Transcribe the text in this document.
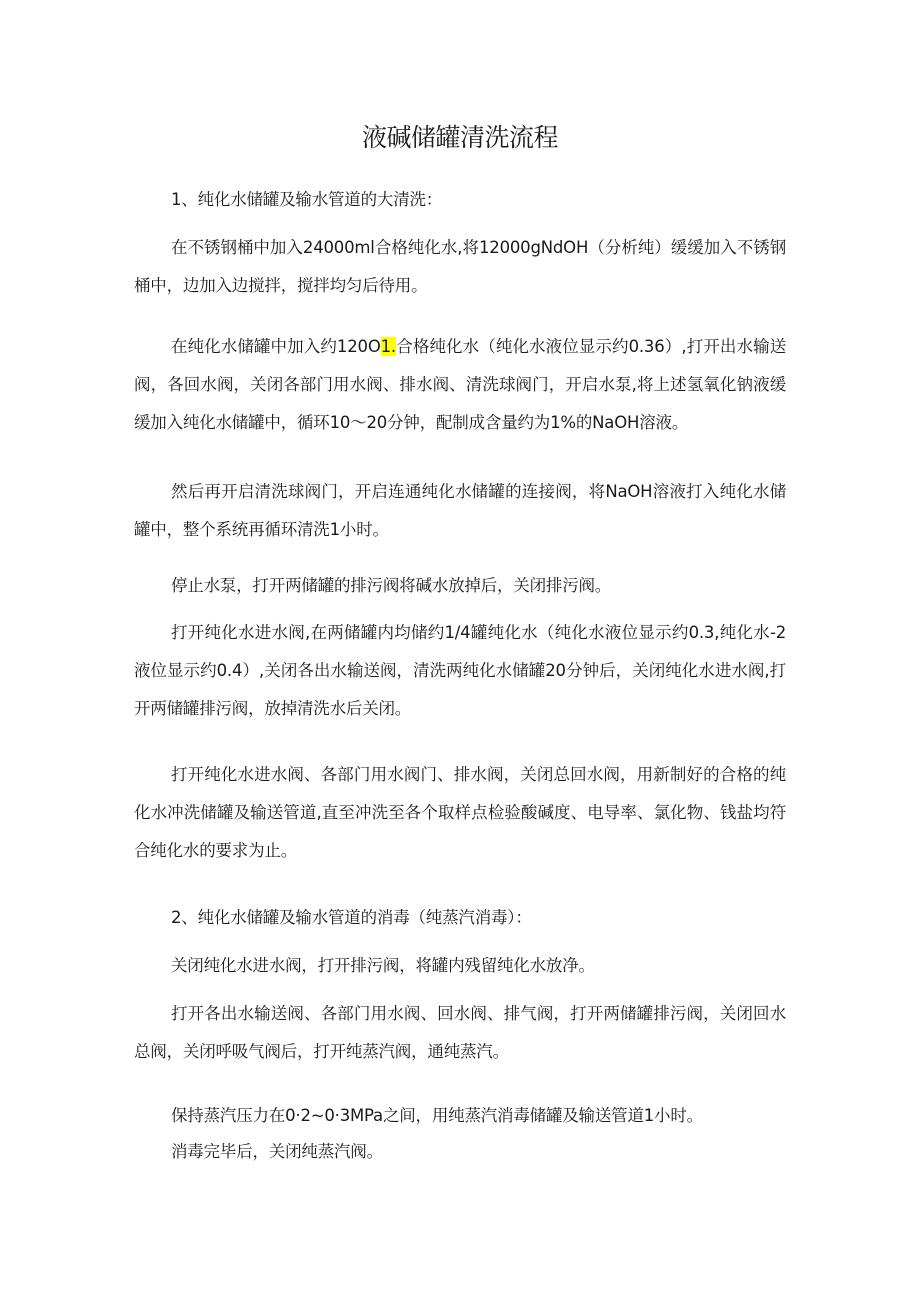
液碱储罐清洗流程

1、纯化水储罐及输水管道的大清洗：

在不锈钢桶中加入24000ml合格纯化水,将12000gNdOH（分析纯）缓缓加入不锈钢桶中，边加入边搅拌，搅拌均匀后待用。

在纯化水储罐中加入约120O1.合格纯化水（纯化水液位显示约0.36）,打开出水输送阀，各回水阀，关闭各部门用水阀、排水阀、清洗球阀门，开启水泵,将上述氢氧化钠液缓缓加入纯化水储罐中，循环10～20分钟，配制成含量约为1%的NaOH溶液。

然后再开启清洗球阀门，开启连通纯化水储罐的连接阀，将NaOH溶液打入纯化水储罐中，整个系统再循环清洗1小时。

停止水泵，打开两储罐的排污阀将碱水放掉后，关闭排污阀。

打开纯化水进水阀,在两储罐内均储约1/4罐纯化水（纯化水液位显示约0.3,纯化水-2液位显示约0.4）,关闭各出水输送阀，清洗两纯化水储罐20分钟后，关闭纯化水进水阀,打开两储罐排污阀，放掉清洗水后关闭。

打开纯化水进水阀、各部门用水阀门、排水阀，关闭总回水阀，用新制好的合格的纯化水冲洗储罐及输送管道,直至冲洗至各个取样点检验酸碱度、电导率、氯化物、钱盐均符合纯化水的要求为止。

2、纯化水储罐及输水管道的消毒（纯蒸汽消毒）：

关闭纯化水进水阀，打开排污阀，将罐内残留纯化水放净。

打开各出水输送阀、各部门用水阀、回水阀、排气阀，打开两储罐排污阀，关闭回水总阀，关闭呼吸气阀后，打开纯蒸汽阀，通纯蒸汽。

保持蒸汽压力在0·2~0·3MPa之间，用纯蒸汽消毒储罐及输送管道1小时。

消毒完毕后，关闭纯蒸汽阀。
